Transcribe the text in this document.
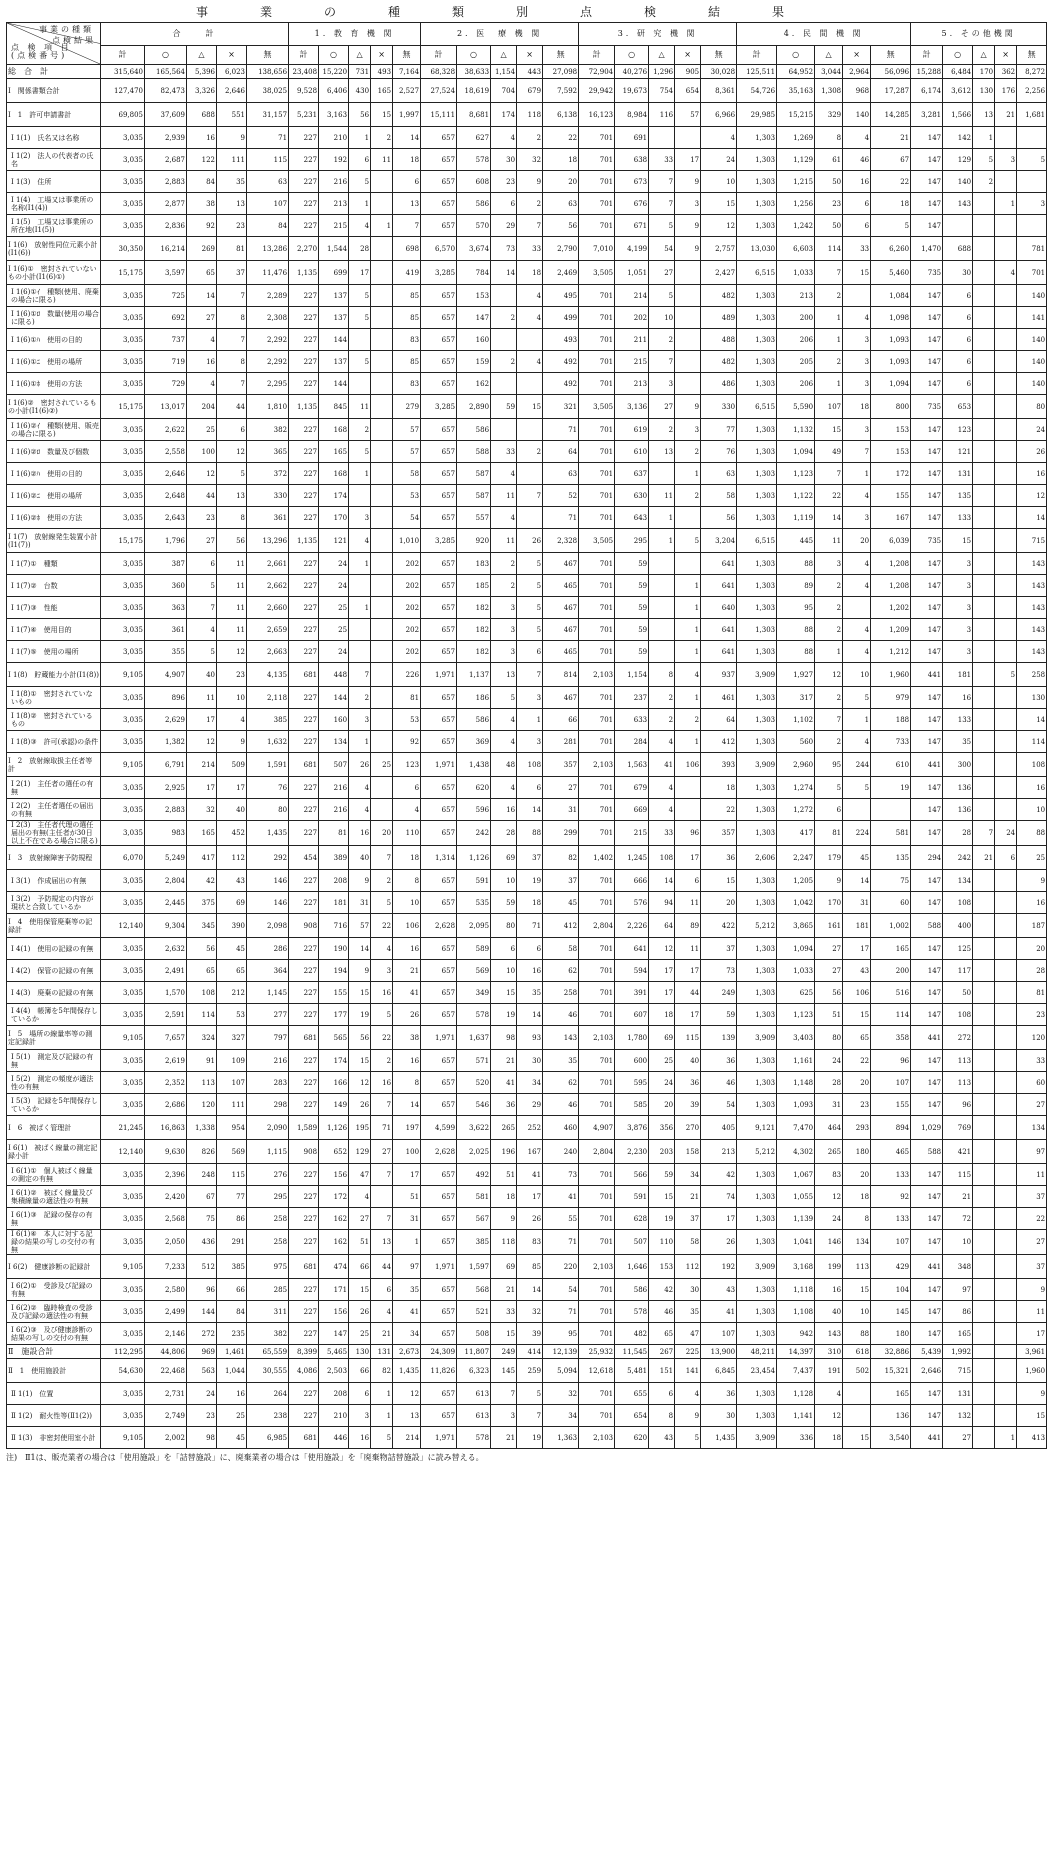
事　業　の　種　類　別　点　検　結　果
事業の種類
点検結果
点 検 項 目
(点検番号)	合　　計					1. 教 育 機 関					2. 医　療 機 関					3. 研 究 機 関					4. 民 間 機 関					5. その他機関				
	計	○	△	×	無	計	○	△	×	無	計	○	△	×	無	計	○	△	×	無	計	○	△	×	無	計	○	△	×	無
総　合　計	315,640	165,564	5,396	6,023	138,656	23,408	15,220	731	493	7,164	68,328	38,633	1,154	443	27,098	72,904	40,276	1,296	905	30,028	125,511	64,952	3,044	2,964	56,096	15,288	6,484	170	362	8,272
Ⅰ　関係書類合計	127,470	82,473	3,326	2,646	38,025	9,528	6,406	430	165	2,527	27,524	18,619	704	679	7,592	29,942	19,673	754	654	8,361	54,726	35,163	1,308	968	17,287	6,174	3,612	130	176	2,256
Ⅰ　1　許可申請書計	69,805	37,609	688	551	31,157	5,231	3,163	56	15	1,997	15,111	8,681	174	118	6,138	16,123	8,984	116	57	6,966	29,985	15,215	329	140	14,285	3,281	1,566	13	21	1,681
Ⅰ 1(1)　氏名又は名称	3,035	2,939	16	9	71	227	210	1	2	14	657	627	4	2	22	701	691			4	1,303	1,269	8	4	21	147	142	1		
Ⅰ 1(2)　法人の代表者の氏名	3,035	2,687	122	111	115	227	192	6	11	18	657	578	30	32	18	701	638	33	17	24	1,303	1,129	61	46	67	147	129	5	3	5
Ⅰ 1(3)　住所	3,035	2,883	84	35	63	227	216	5		6	657	608	23	9	20	701	673	7	9	10	1,303	1,215	50	16	22	147	140	2		
Ⅰ 1(4)　工場又は事業所の名称(Ⅰ1(4))	3,035	2,877	38	13	107	227	213	1		13	657	586	6	2	63	701	676	7	3	15	1,303	1,256	23	6	18	147	143		1	3
Ⅰ 1(5)　工場又は事業所の所在地(Ⅰ1(5))	3,035	2,836	92	23	84	227	215	4	1	7	657	570	29	7	56	701	671	5	9	12	1,303	1,242	50	6	5	147				
Ⅰ 1(6)　放射性同位元素小計(Ⅰ1(6))	30,350	16,214	269	81	13,286	2,270	1,544	28		698	6,570	3,674	73	33	2,790	7,010	4,199	54	9	2,757	13,030	6,603	114	33	6,260	1,470	688			781
Ⅰ 1(6)①　密封されていないもの小計(Ⅰ1(6)①)	15,175	3,597	65	37	11,476	1,135	699	17		419	3,285	784	14	18	2,469	3,505	1,051	27		2,427	6,515	1,033	7	15	5,460	735	30		4	701
Ⅰ 1(6)①ｲ　種類(使用、廃棄の場合に限る)	3,035	725	14	7	2,289	227	137	5		85	657	153		4	495	701	214	5		482	1,303	213	2		1,084	147	6			140
Ⅰ 1(6)①ﾛ　数量(使用の場合に限る)	3,035	692	27	8	2,308	227	137	5		85	657	147	2	4	499	701	202	10		489	1,303	200	1	4	1,098	147	6			141
Ⅰ 1(6)①ﾊ　使用の目的	3,035	737	4	7	2,292	227	144			83	657	160			493	701	211	2		488	1,303	206	1	3	1,093	147	6			140
Ⅰ 1(6)①ﾆ　使用の場所	3,035	719	16	8	2,292	227	137	5		85	657	159	2	4	492	701	215	7		482	1,303	205	2	3	1,093	147	6			140
Ⅰ 1(6)①ﾎ　使用の方法	3,035	729	4	7	2,295	227	144			83	657	162			492	701	213	3		486	1,303	206	1	3	1,094	147	6			140
Ⅰ 1(6)②　密封されているもの小計(Ⅰ1(6)②)	15,175	13,017	204	44	1,810	1,135	845	11		279	3,285	2,890	59	15	321	3,505	3,136	27	9	330	6,515	5,590	107	18	800	735	653			80
Ⅰ 1(6)②ｲ　種類(使用、販売の場合に限る)	3,035	2,622	25	6	382	227	168	2		57	657	586			71	701	619	2	3	77	1,303	1,132	15	3	153	147	123			24
Ⅰ 1(6)②ﾛ　数量及び個数	3,035	2,558	100	12	365	227	165	5		57	657	588	33	2	64	701	610	13	2	76	1,303	1,094	49	7	153	147	121			26
Ⅰ 1(6)②ﾊ　使用の目的	3,035	2,646	12	5	372	227	168	1		58	657	587	4		63	701	637		1	63	1,303	1,123	7	1	172	147	131			16
Ⅰ 1(6)②ﾆ　使用の場所	3,035	2,648	44	13	330	227	174			53	657	587	11	7	52	701	630	11	2	58	1,303	1,122	22	4	155	147	135			12
Ⅰ 1(6)②ﾎ　使用の方法	3,035	2,643	23	8	361	227	170	3		54	657	557	4		71	701	643	1		56	1,303	1,119	14	3	167	147	133			14
Ⅰ 1(7)　放射線発生装置小計(Ⅰ1(7))	15,175	1,796	27	56	13,296	1,135	121	4		1,010	3,285	920	11	26	2,328	3,505	295	1	5	3,204	6,515	445	11	20	6,039	735	15			715
Ⅰ 1(7)①　種類	3,035	387	6	11	2,661	227	24	1		202	657	183	2	5	467	701	59			641	1,303	88	3	4	1,208	147	3			143
Ⅰ 1(7)②　台数	3,035	360	5	11	2,662	227	24			202	657	185	2	5	465	701	59		1	641	1,303	89	2	4	1,208	147	3			143
Ⅰ 1(7)③　性能	3,035	363	7	11	2,660	227	25	1		202	657	182	3	5	467	701	59		1	640	1,303	95	2		1,202	147	3			143
Ⅰ 1(7)④　使用目的	3,035	361	4	11	2,659	227	25			202	657	182	3	5	467	701	59		1	641	1,303	88	2	4	1,209	147	3			143
Ⅰ 1(7)⑤　使用の場所	3,035	355	5	12	2,663	227	24			202	657	182	3	6	465	701	59		1	641	1,303	88	1	4	1,212	147	3			143
Ⅰ 1(8)　貯蔵能力小計(Ⅰ1(8))	9,105	4,907	40	23	4,135	681	448	7		226	1,971	1,137	13	7	814	2,103	1,154	8	4	937	3,909	1,927	12	10	1,960	441	181		5	258
Ⅰ 1(8)①　密封されていないもの	3,035	896	11	10	2,118	227	144	2		81	657	186	5	3	467	701	237	2	1	461	1,303	317	2	5	979	147	16			130
Ⅰ 1(8)②　密封されているもの	3,035	2,629	17	4	385	227	160	3		53	657	586	4	1	66	701	633	2	2	64	1,303	1,102	7	1	188	147	133			14
Ⅰ 1(8)③　許可(承認)の条件	3,035	1,382	12	9	1,632	227	134	1		92	657	369	4	3	281	701	284	4	1	412	1,303	560	2	4	733	147	35			114
Ⅰ　2　放射線取扱主任者等計	9,105	6,791	214	509	1,591	681	507	26	25	123	1,971	1,438	48	108	357	2,103	1,563	41	106	393	3,909	2,960	95	244	610	441	300			108
Ⅰ 2(1)　主任者の選任の有無	3,035	2,925	17	17	76	227	216	4		6	657	620	4	6	27	701	679	4		18	1,303	1,274	5	5	19	147	136			16
Ⅰ 2(2)　主任者選任の届出の有無	3,035	2,883	32	40	80	227	216	4		4	657	596	16	14	31	701	669	4		22	1,303	1,272	6			147	136			10
Ⅰ 2(3)　主任者代理の選任届出の有無(主任者が30日以上不在である場合に限る)	3,035	983	165	452	1,435	227	81	16	20	110	657	242	28	88	299	701	215	33	96	357	1,303	417	81	224	581	147	28	7	24	88
Ⅰ　3　放射線障害予防規程	6,070	5,249	417	112	292	454	389	40	7	18	1,314	1,126	69	37	82	1,402	1,245	108	17	36	2,606	2,247	179	45	135	294	242	21	6	25
Ⅰ 3(1)　作成届出の有無	3,035	2,804	42	43	146	227	208	9	2	8	657	591	10	19	37	701	666	14	6	15	1,303	1,205	9	14	75	147	134			9
Ⅰ 3(2)　予防規定の内容が現状と合致しているか	3,035	2,445	375	69	146	227	181	31	5	10	657	535	59	18	45	701	576	94	11	20	1,303	1,042	170	31	60	147	108			16
Ⅰ　4　使用保管廃棄等の記録計	12,140	9,304	345	390	2,098	908	716	57	22	106	2,628	2,095	80	71	412	2,804	2,226	64	89	422	5,212	3,865	161	181	1,002	588	400			187
Ⅰ 4(1)　使用の記録の有無	3,035	2,632	56	45	286	227	190	14	4	16	657	589	6	6	58	701	641	12	11	37	1,303	1,094	27	17	165	147	125			20
Ⅰ 4(2)　保管の記録の有無	3,035	2,491	65	65	364	227	194	9	3	21	657	569	10	16	62	701	594	17	17	73	1,303	1,033	27	43	200	147	117			28
Ⅰ 4(3)　廃棄の記録の有無	3,035	1,570	108	212	1,145	227	155	15	16	41	657	349	15	35	258	701	391	17	44	249	1,303	625	56	106	516	147	50			81
Ⅰ 4(4)　帳簿を5年間保存しているか	3,035	2,591	114	53	277	227	177	19	5	26	657	578	19	14	46	701	607	18	17	59	1,303	1,123	51	15	114	147	108			23
Ⅰ　5　場所の線量率等の測定記録計	9,105	7,657	324	327	797	681	565	56	22	38	1,971	1,637	98	93	143	2,103	1,780	69	115	139	3,909	3,403	80	65	358	441	272			120
Ⅰ 5(1)　測定及び記録の有無	3,035	2,619	91	109	216	227	174	15	2	16	657	571	21	30	35	701	600	25	40	36	1,303	1,161	24	22	96	147	113			33
Ⅰ 5(2)　測定の頻度が適法性の有無	3,035	2,352	113	107	283	227	166	12	16	8	657	520	41	34	62	701	595	24	36	46	1,303	1,148	28	20	107	147	113			60
Ⅰ 5(3)　記録を5年間保存しているか	3,035	2,686	120	111	298	227	149	26	7	14	657	546	36	29	46	701	585	20	39	54	1,303	1,093	31	23	155	147	96			27
Ⅰ　6　被ばく管理計	21,245	16,863	1,338	954	2,090	1,589	1,126	195	71	197	4,599	3,622	265	252	460	4,907	3,876	356	270	405	9,121	7,470	464	293	894	1,029	769			134
Ⅰ 6(1)　被ばく線量の測定記録小計	12,140	9,630	826	569	1,115	908	652	129	27	100	2,628	2,025	196	167	240	2,804	2,230	203	158	213	5,212	4,302	265	180	465	588	421			97
Ⅰ 6(1)①　個人被ばく線量の測定の有無	3,035	2,396	248	115	276	227	156	47	7	17	657	492	51	41	73	701	566	59	34	42	1,303	1,067	83	20	133	147	115			11
Ⅰ 6(1)②　被ばく線量及び集積線量の適法性の有無	3,035	2,420	67	77	295	227	172	4		51	657	581	18	17	41	701	591	15	21	74	1,303	1,055	12	18	92	147	21			37
Ⅰ 6(1)③　記録の保存の有無	3,035	2,568	75	86	258	227	162	27	7	31	657	567	9	26	55	701	628	19	37	17	1,303	1,139	24	8	133	147	72			22
Ⅰ 6(1)④　本人に対する記録の結果の写しの交付の有無	3,035	2,050	436	291	258	227	162	51	13	1	657	385	118	83	71	701	507	110	58	26	1,303	1,041	146	134	107	147	10			27
Ⅰ 6(2)　健康診断の記録計	9,105	7,233	512	385	975	681	474	66	44	97	1,971	1,597	69	85	220	2,103	1,646	153	112	192	3,909	3,168	199	113	429	441	348			37
Ⅰ 6(2)①　受診及び記録の有無	3,035	2,580	96	66	285	227	171	15	6	35	657	568	21	14	54	701	586	42	30	43	1,303	1,118	16	15	104	147	97			9
Ⅰ 6(2)②　臨時検査の受診及び記録の適法性の有無	3,035	2,499	144	84	311	227	156	26	4	41	657	521	33	32	71	701	578	46	35	41	1,303	1,108	40	10	145	147	86			11
Ⅰ 6(2)③　及び健康診断の結果の写しの交付の有無	3,035	2,146	272	235	382	227	147	25	21	34	657	508	15	39	95	701	482	65	47	107	1,303	942	143	88	180	147	165			17
Ⅱ　施設合計	112,295	44,806	969	1,461	65,559	8,399	5,465	130	131	2,673	24,309	11,807	249	414	12,139	25,932	11,545	267	225	13,900	48,211	14,397	310	618	32,886	5,439	1,992			3,961
Ⅱ　1　使用施設計	54,630	22,468	563	1,044	30,555	4,086	2,503	66	82	1,435	11,826	6,323	145	259	5,094	12,618	5,481	151	141	6,845	23,454	7,437	191	502	15,321	2,646	715			1,960
Ⅱ 1(1)　位置	3,035	2,731	24	16	264	227	208	6	1	12	657	613	7	5	32	701	655	6	4	36	1,303	1,128	4		165	147	131			9
Ⅱ 1(2)　耐火性等(Ⅱ1(2))	3,035	2,749	23	25	238	227	210	3	1	13	657	613	3	7	34	701	654	8	9	30	1,303	1,141	12		136	147	132			15
Ⅱ 1(3)　非密封使用室小計	9,105	2,002	98	45	6,985	681	446	16	5	214	1,971	578	21	19	1,363	2,103	620	43	5	1,435	3,909	336	18	15	3,540	441	27		1	413
注)　Ⅱ1は、販売業者の場合は「使用施設」を「詰替施設」に、廃棄業者の場合は「使用施設」を「廃棄物詰替施設」に読み替える。
